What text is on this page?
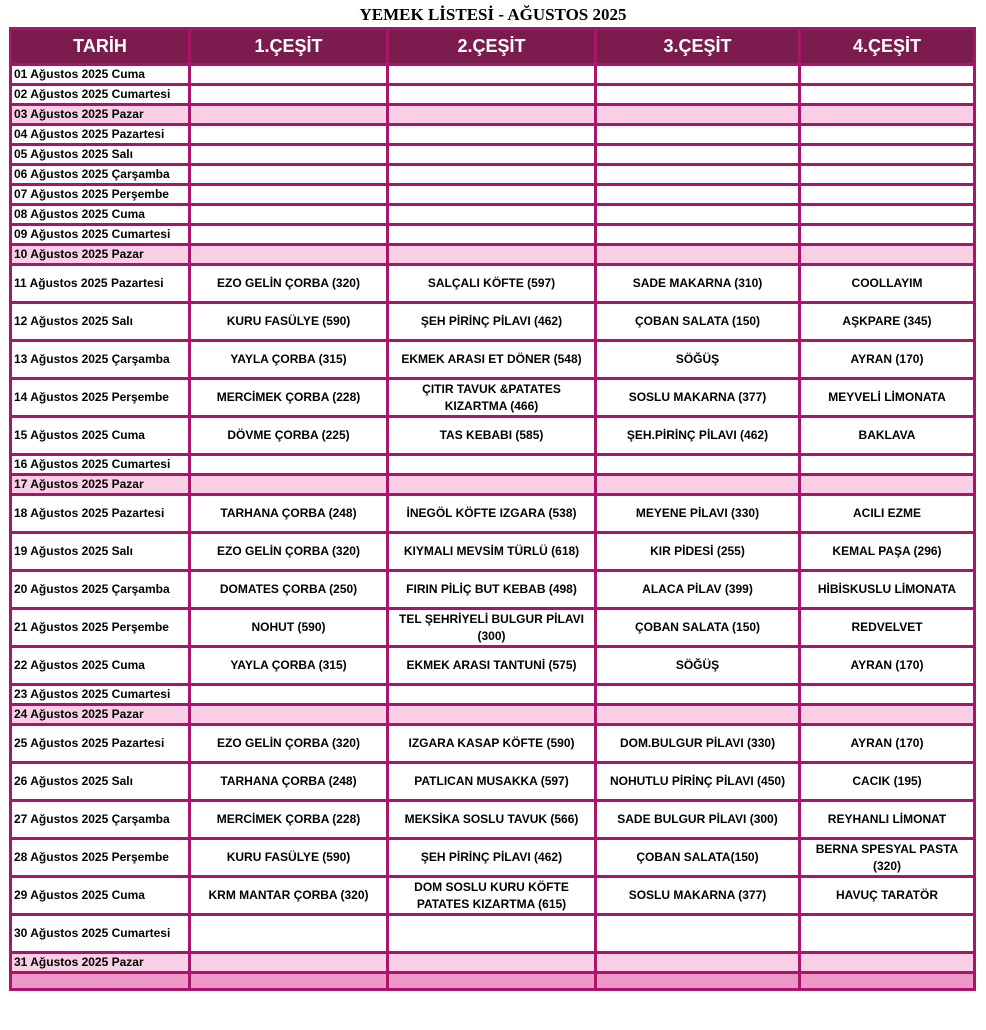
YEMEK LİSTESİ - AĞUSTOS 2025
TARİH	1.ÇEŞİT	2.ÇEŞİT	3.ÇEŞİT	4.ÇEŞİT
01 Ağustos 2025 Cuma				
02 Ağustos 2025 Cumartesi				
03 Ağustos 2025 Pazar				
04 Ağustos 2025 Pazartesi				
05 Ağustos 2025 Salı				
06 Ağustos 2025 Çarşamba				
07 Ağustos 2025 Perşembe				
08 Ağustos 2025 Cuma				
09 Ağustos 2025 Cumartesi				
10 Ağustos 2025 Pazar				
11 Ağustos 2025 Pazartesi	EZO GELİN ÇORBA (320)	SALÇALI KÖFTE (597)	SADE MAKARNA (310)	COOLLAYIM
12 Ağustos 2025 Salı	KURU FASÜLYE (590)	ŞEH PİRİNÇ PİLAVI (462)	ÇOBAN SALATA (150)	AŞKPARE (345)
13 Ağustos 2025 Çarşamba	YAYLA ÇORBA (315)	EKMEK ARASI ET DÖNER (548)	SÖĞÜŞ	AYRAN (170)
14 Ağustos 2025 Perşembe	MERCİMEK ÇORBA (228)	ÇITIR TAVUK &PATATES KIZARTMA (466)	SOSLU MAKARNA (377)	MEYVELİ LİMONATA
15 Ağustos 2025 Cuma	DÖVME ÇORBA (225)	TAS KEBABI (585)	ŞEH.PİRİNÇ PİLAVI (462)	BAKLAVA
16 Ağustos 2025 Cumartesi				
17 Ağustos 2025 Pazar				
18 Ağustos 2025 Pazartesi	TARHANA ÇORBA (248)	İNEGÖL KÖFTE IZGARA (538)	MEYENE PİLAVI (330)	ACILI EZME
19 Ağustos 2025 Salı	EZO GELİN ÇORBA (320)	KIYMALI MEVSİM TÜRLÜ (618)	KIR PİDESİ (255)	KEMAL PAŞA (296)
20 Ağustos 2025 Çarşamba	DOMATES ÇORBA (250)	FIRIN PİLİÇ BUT KEBAB (498)	ALACA PİLAV (399)	HİBİSKUSLU LİMONATA
21 Ağustos 2025 Perşembe	NOHUT (590)	TEL ŞEHRİYELİ BULGUR PİLAVI (300)	ÇOBAN SALATA (150)	REDVELVET
22 Ağustos 2025 Cuma	YAYLA ÇORBA (315)	EKMEK ARASI TANTUNİ (575)	SÖĞÜŞ	AYRAN (170)
23 Ağustos 2025 Cumartesi				
24 Ağustos 2025 Pazar				
25 Ağustos 2025 Pazartesi	EZO GELİN ÇORBA (320)	IZGARA KASAP KÖFTE (590)	DOM.BULGUR PİLAVI (330)	AYRAN (170)
26 Ağustos 2025 Salı	TARHANA ÇORBA (248)	PATLICAN MUSAKKA (597)	NOHUTLU PİRİNÇ PİLAVI (450)	CACIK (195)
27 Ağustos 2025 Çarşamba	MERCİMEK ÇORBA (228)	MEKSİKA SOSLU TAVUK (566)	SADE BULGUR PİLAVI (300)	REYHANLI LİMONAT
28 Ağustos 2025 Perşembe	KURU FASÜLYE (590)	ŞEH PİRİNÇ PİLAVI (462)	ÇOBAN SALATA(150)	BERNA SPESYAL PASTA (320)
29 Ağustos 2025 Cuma	KRM MANTAR ÇORBA (320)	DOM SOSLU KURU KÖFTE PATATES KIZARTMA (615)	SOSLU MAKARNA (377)	HAVUÇ TARATÖR
30 Ağustos 2025 Cumartesi				
31 Ağustos 2025 Pazar				
